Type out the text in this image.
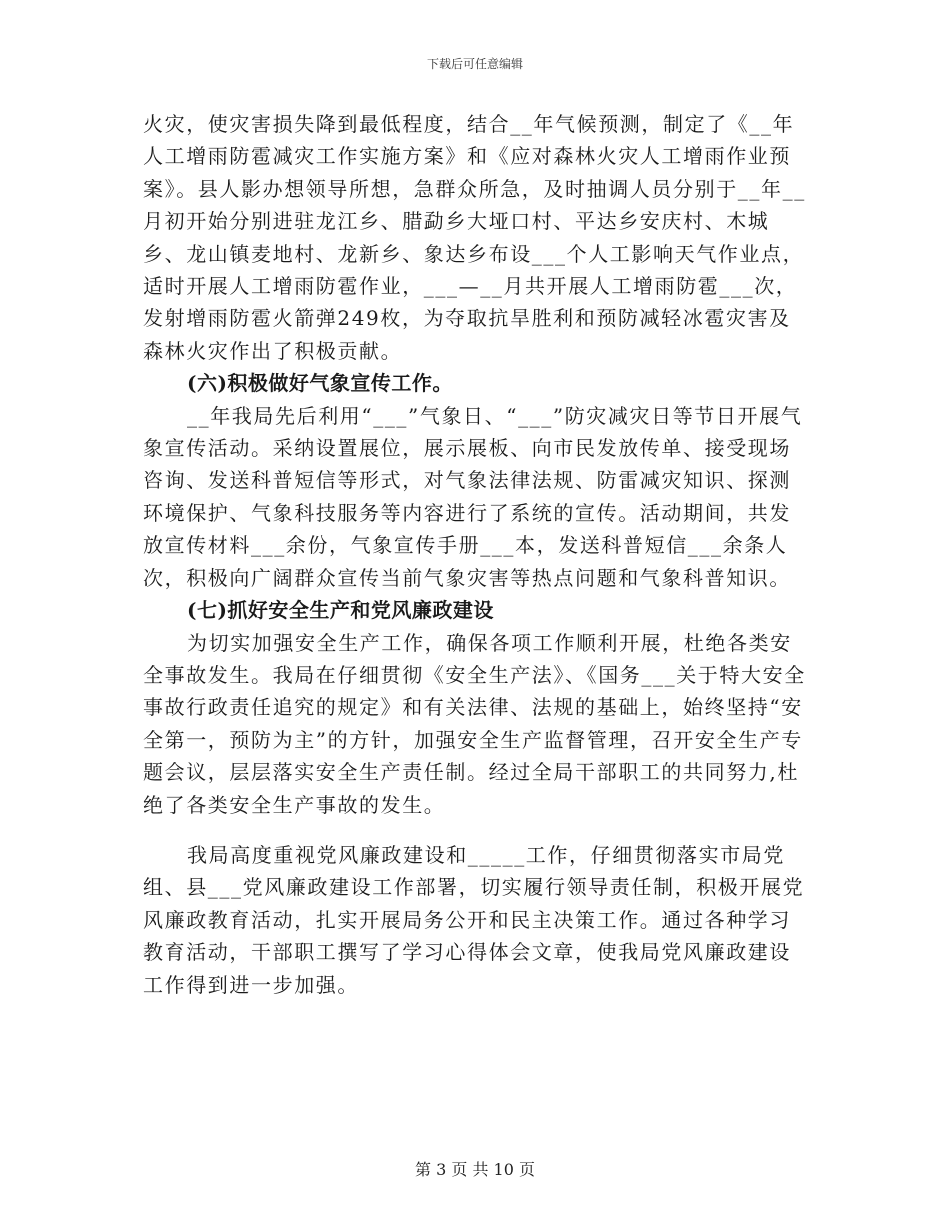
下载后可任意编辑

火灾，使灾害损失降到最低程度，结合__年气候预测，制定了《__年人工增雨防雹减灾工作实施方案》和《应对森林火灾人工增雨作业预案》。县人影办想领导所想，急群众所急，及时抽调人员分别于__年__月初开始分别进驻龙江乡、腊勐乡大垭口村、平达乡安庆村、木城乡、龙山镇麦地村、龙新乡、象达乡布设___个人工影响天气作业点，适时开展人工增雨防雹作业，___—__月共开展人工增雨防雹___次，发射增雨防雹火箭弹249枚，为夺取抗旱胜利和预防减轻冰雹灾害及森林火灾作出了积极贡献。

(六)积极做好气象宣传工作。

__年我局先后利用“___”气象日、“___”防灾减灾日等节日开展气象宣传活动。采纳设置展位，展示展板、向市民发放传单、接受现场咨询、发送科普短信等形式，对气象法律法规、防雷减灾知识、探测环境保护、气象科技服务等内容进行了系统的宣传。活动期间，共发放宣传材料___余份，气象宣传手册___本，发送科普短信___余条人次，积极向广阔群众宣传当前气象灾害等热点问题和气象科普知识。

(七)抓好安全生产和党风廉政建设

为切实加强安全生产工作，确保各项工作顺利开展，杜绝各类安全事故发生。我局在仔细贯彻《安全生产法》、《国务___关于特大安全事故行政责任追究的规定》和有关法律、法规的基础上，始终坚持“安全第一，预防为主”的方针，加强安全生产监督管理，召开安全生产专题会议，层层落实安全生产责任制。经过全局干部职工的共同努力,杜绝了各类安全生产事故的发生。

我局高度重视党风廉政建设和_____工作，仔细贯彻落实市局党组、县___党风廉政建设工作部署，切实履行领导责任制，积极开展党风廉政教育活动，扎实开展局务公开和民主决策工作。通过各种学习教育活动，干部职工撰写了学习心得体会文章，使我局党风廉政建设工作得到进一步加强。

第 3 页 共 10 页
